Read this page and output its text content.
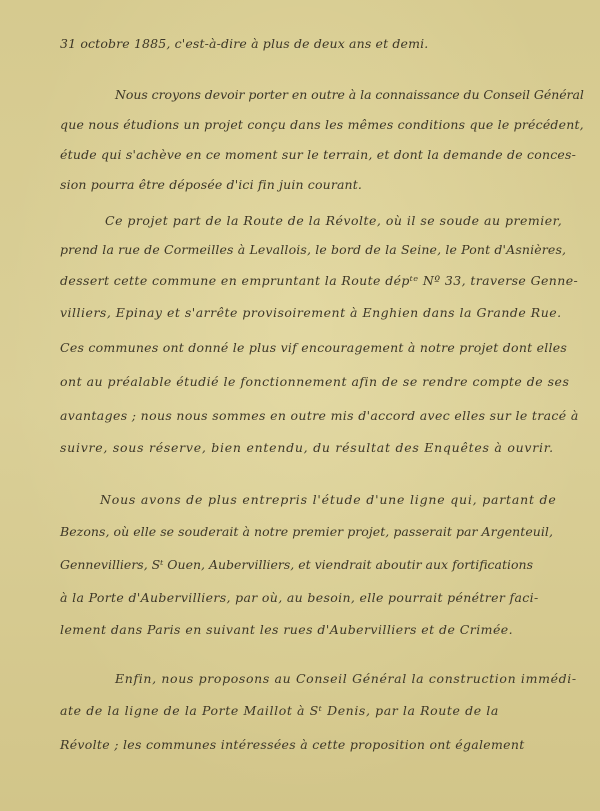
31 octobre 1885, c'est-à-dire à plus de deux ans et demi.
Nous croyons devoir porter en outre à la connaissance du Conseil Général
que nous étudions un projet conçu dans les mêmes conditions que le précédent,
étude qui s'achève en ce moment sur le terrain, et dont la demande de conces-
sion pourra être déposée d'ici fin juin courant.
Ce projet part de la Route de la Révolte, où il se soude au premier,
prend la rue de Cormeilles à Levallois, le bord de la Seine, le Pont d'Asnières,
dessert cette commune en empruntant la Route dépᵗᵉ Nº 33, traverse Genne-
villiers, Epinay et s'arrête provisoirement à Enghien dans la Grande Rue.
Ces communes ont donné le plus vif encouragement à notre projet dont elles
ont au préalable étudié le fonctionnement afin de se rendre compte de ses
avantages ; nous nous sommes en outre mis d'accord avec elles sur le tracé à
suivre, sous réserve, bien entendu, du résultat des Enquêtes à ouvrir.
Nous avons de plus entrepris l'étude d'une ligne qui, partant de
Bezons, où elle se souderait à notre premier projet, passerait par Argenteuil,
Gennevilliers, Sᵗ Ouen, Aubervilliers, et viendrait aboutir aux fortifications
à la Porte d'Aubervilliers, par où, au besoin, elle pourrait pénétrer faci-
lement dans Paris en suivant les rues d'Aubervilliers et de Crimée.
Enfin, nous proposons au Conseil Général la construction immédi-
ate de la ligne de la Porte Maillot à Sᵗ Denis, par la Route de la
Révolte ; les communes intéressées à cette proposition ont également
